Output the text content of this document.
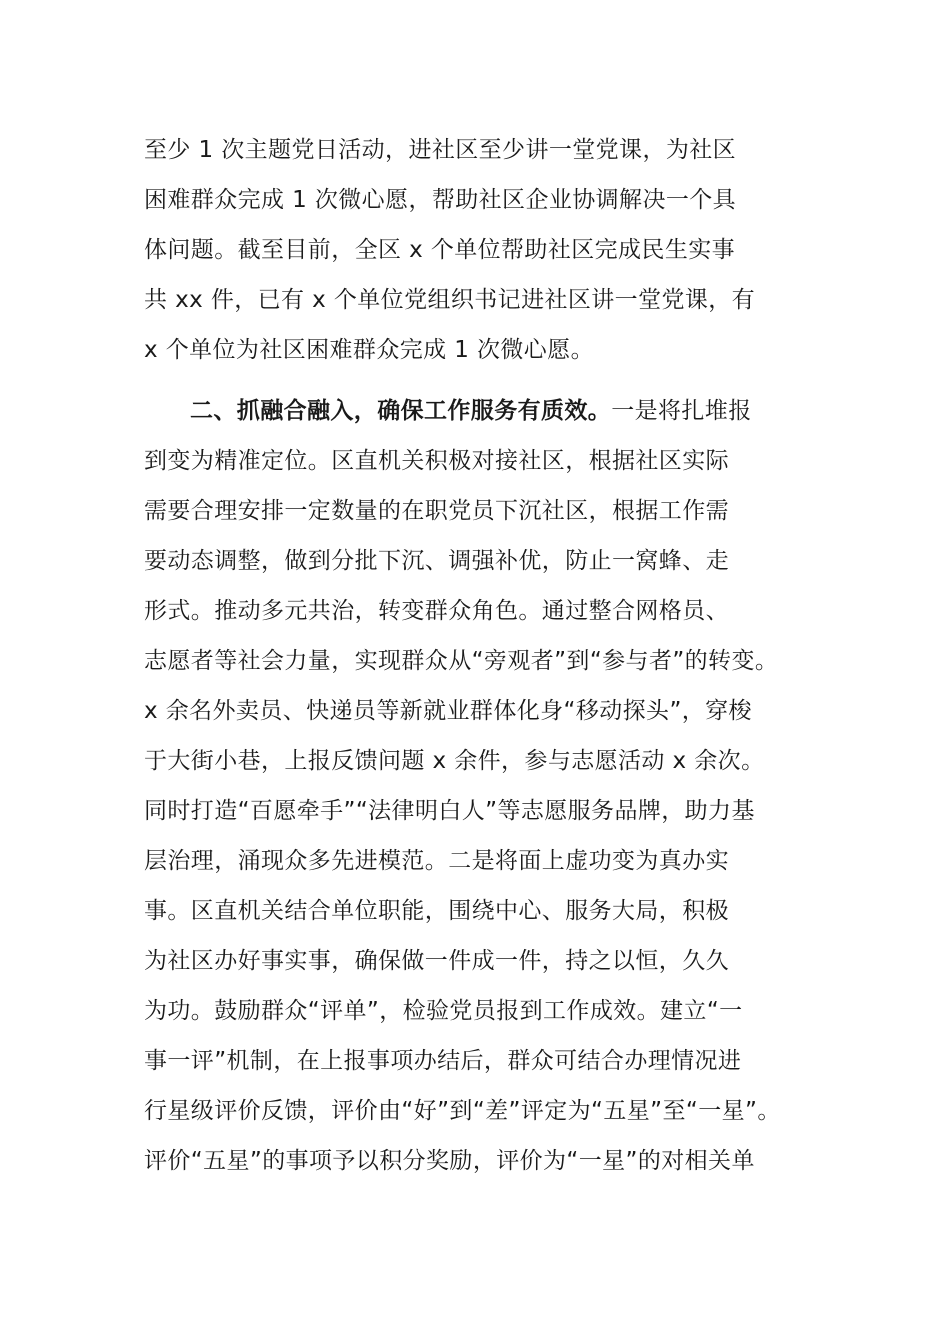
至少 1 次主题党日活动，进社区至少讲一堂党课，为社区
困难群众完成 1 次微心愿，帮助社区企业协调解决一个具
体问题。截至目前，全区 x 个单位帮助社区完成民生实事
共 xx 件，已有 x 个单位党组织书记进社区讲一堂党课，有
x 个单位为社区困难群众完成 1 次微心愿。

二、抓融合融入，确保工作服务有质效。一是将扎堆报
到变为精准定位。区直机关积极对接社区，根据社区实际
需要合理安排一定数量的在职党员下沉社区，根据工作需
要动态调整，做到分批下沉、调强补优，防止一窝蜂、走
形式。推动多元共治，转变群众角色。通过整合网格员、
志愿者等社会力量，实现群众从“旁观者”到“参与者”的转变。
x 余名外卖员、快递员等新就业群体化身“移动探头”，穿梭
于大街小巷，上报反馈问题 x 余件，参与志愿活动 x 余次。
同时打造“百愿牵手”“法律明白人”等志愿服务品牌，助力基
层治理，涌现众多先进模范。二是将面上虚功变为真办实
事。区直机关结合单位职能，围绕中心、服务大局，积极
为社区办好事实事，确保做一件成一件，持之以恒，久久
为功。鼓励群众“评单”，检验党员报到工作成效。建立“一
事一评”机制，在上报事项办结后，群众可结合办理情况进
行星级评价反馈，评价由“好”到“差”评定为“五星”至“一星”。
评价“五星”的事项予以积分奖励，评价为“一星”的对相关单
